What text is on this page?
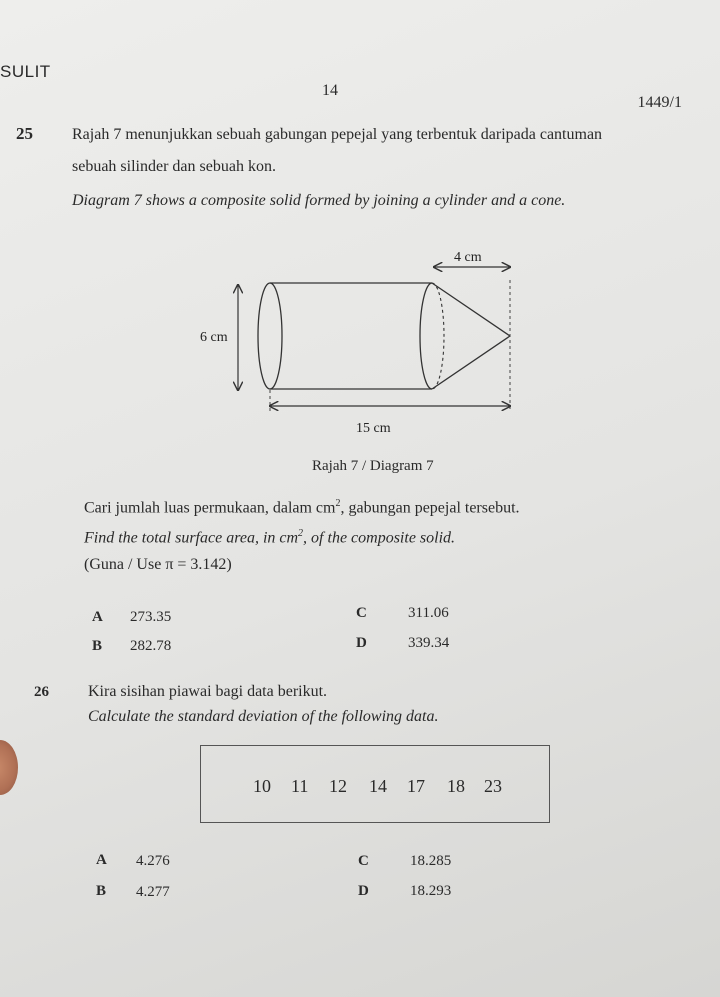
SULIT
14
1449/1
25 Rajah 7 menunjukkan sebuah gabungan pepejal yang terbentuk daripada cantuman
sebuah silinder dan sebuah kon.
Diagram 7 shows a composite solid formed by joining a cylinder and a cone.
4 cm
6 cm
15 cm
Rajah 7 / Diagram 7
Cari jumlah luas permukaan, dalam $cm^2$, gabungan pepejal tersebut.
Find the total surface area, in $cm^2$, of the composite solid.
(Guna / Use π = 3.142)
A 273.35
B 282.78
C	311.06
D	339.34
26 Kira sisihan piawai bagi data berikut.
Calculate the standard deviation of the following data.
10 11 12 14 17 18 23
A 4.276
B 4.277
C	18.285
D	18.293
